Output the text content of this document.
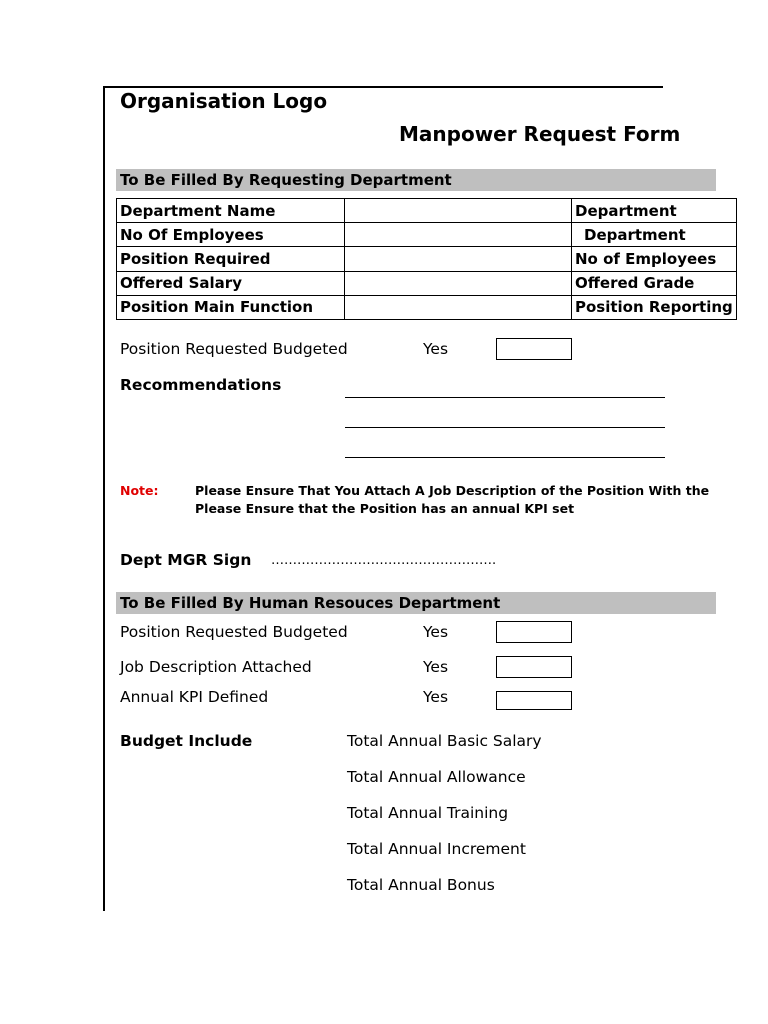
Organisation Logo
Manpower Request Form
To Be Filled By Requesting Department
Department Name		Department
No Of Employees		Department
Position Required		No of Employees
Offered Salary		Offered Grade
Position Main Function		Position Reporting
Position Requested Budgeted	Yes
Recommendations
Note:	Please Ensure That You Attach A Job Description of the Position With the
Please Ensure that the Position has an annual KPI set
Dept MGR Sign …………………………………………….
To Be Filled By Human Resouces Department
Position Requested Budgeted	Yes
Job Description Attached	Yes
Annual KPI Defined	Yes
Budget Include	Total Annual Basic Salary
Total Annual Allowance
Total Annual Training
Total Annual Increment
Total Annual Bonus
